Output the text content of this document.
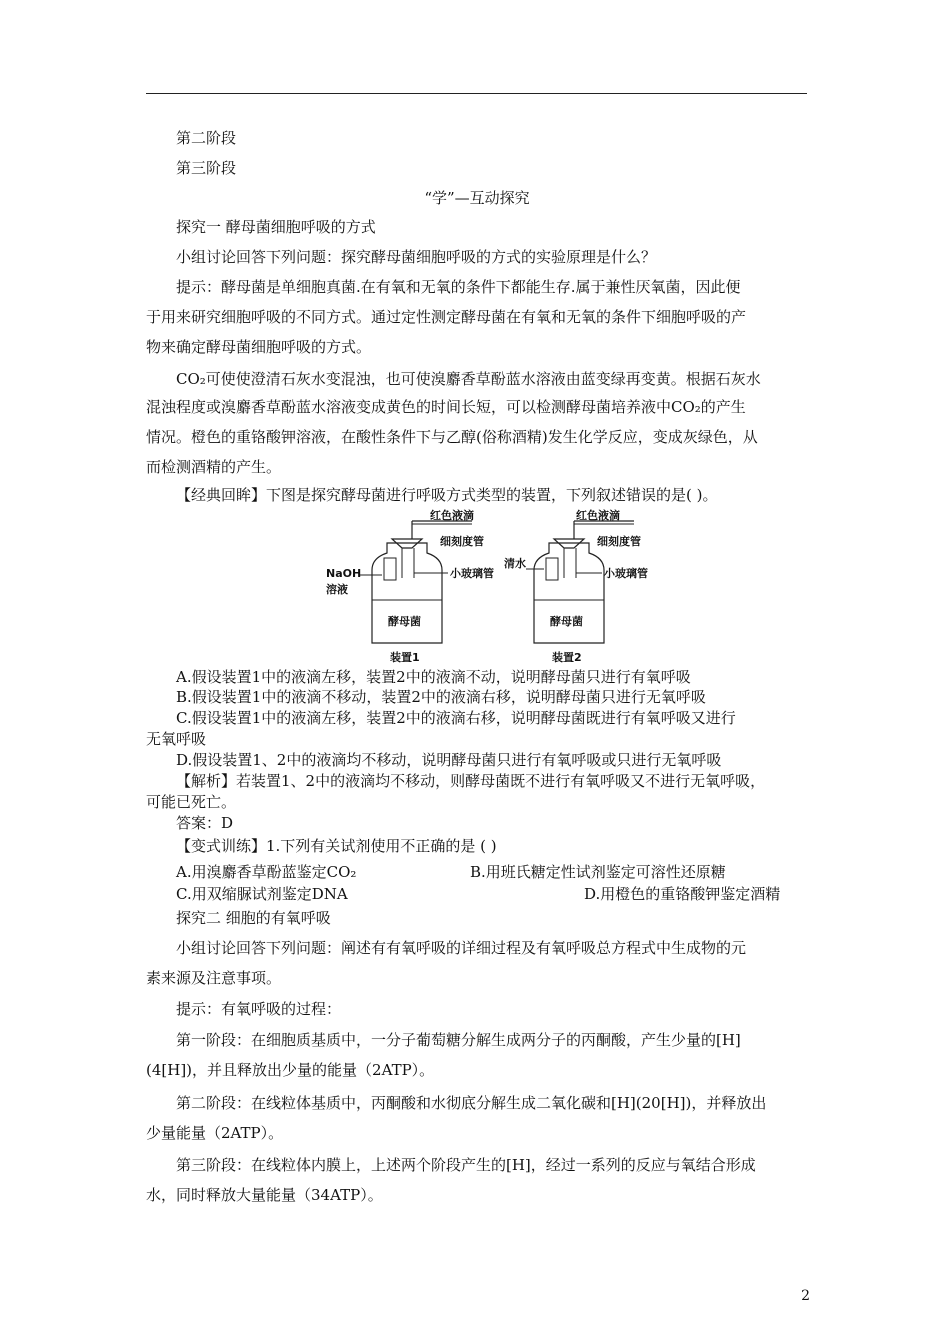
第二阶段
第三阶段
“学”—互动探究
探究一 酵母菌细胞呼吸的方式
小组讨论回答下列问题：探究酵母菌细胞呼吸的方式的实验原理是什么？
提示：酵母菌是单细胞真菌.在有氧和无氧的条件下都能生存.属于兼性厌氧菌，因此便
于用来研究细胞呼吸的不同方式。通过定性测定酵母菌在有氧和无氧的条件下细胞呼吸的产
物来确定酵母菌细胞呼吸的方式。
CO₂可使使澄清石灰水变混浊，也可使溴麝香草酚蓝水溶液由蓝变绿再变黄。根据石灰水
混浊程度或溴麝香草酚蓝水溶液变成黄色的时间长短，可以检测酵母菌培养液中CO₂的产生
情况。橙色的重铬酸钾溶液，在酸性条件下与乙醇(俗称酒精)发生化学反应，变成灰绿色，从
而检测酒精的产生。
【经典回眸】下图是探究酵母菌进行呼吸方式类型的装置，下列叙述错误的是( )。
红色液滴
细刻度管
NaOH
溶液
小玻璃管
酵母菌
装置1
红色液滴
细刻度管
清水
小玻璃管
酵母菌
装置2
A.假设装置1中的液滴左移，装置2中的液滴不动，说明酵母菌只进行有氧呼吸
B.假设装置1中的液滴不移动，装置2中的液滴右移，说明酵母菌只进行无氧呼吸
C.假设装置1中的液滴左移，装置2中的液滴右移，说明酵母菌既进行有氧呼吸又进行
无氧呼吸
D.假设装置1、2中的液滴均不移动，说明酵母菌只进行有氧呼吸或只进行无氧呼吸
【解析】若装置1、2中的液滴均不移动，则酵母菌既不进行有氧呼吸又不进行无氧呼吸，
可能已死亡。
答案：D
【变式训练】1.下列有关试剂使用不正确的是 ( )
A.用溴麝香草酚蓝鉴定CO₂	B.用班氏糖定性试剂鉴定可溶性还原糖
C.用双缩脲试剂鉴定DNA	D.用橙色的重铬酸钾鉴定酒精
探究二 细胞的有氧呼吸
小组讨论回答下列问题：阐述有有氧呼吸的详细过程及有氧呼吸总方程式中生成物的元
素来源及注意事项。
提示：有氧呼吸的过程：
第一阶段：在细胞质基质中，一分子葡萄糖分解生成两分子的丙酮酸，产生少量的[H]
(4[H])，并且释放出少量的能量（2ATP）。
第二阶段：在线粒体基质中，丙酮酸和水彻底分解生成二氧化碳和[H](20[H])，并释放出
少量能量（2ATP）。
第三阶段：在线粒体内膜上，上述两个阶段产生的[H]，经过一系列的反应与氧结合形成
水，同时释放大量能量（34ATP）。
2
